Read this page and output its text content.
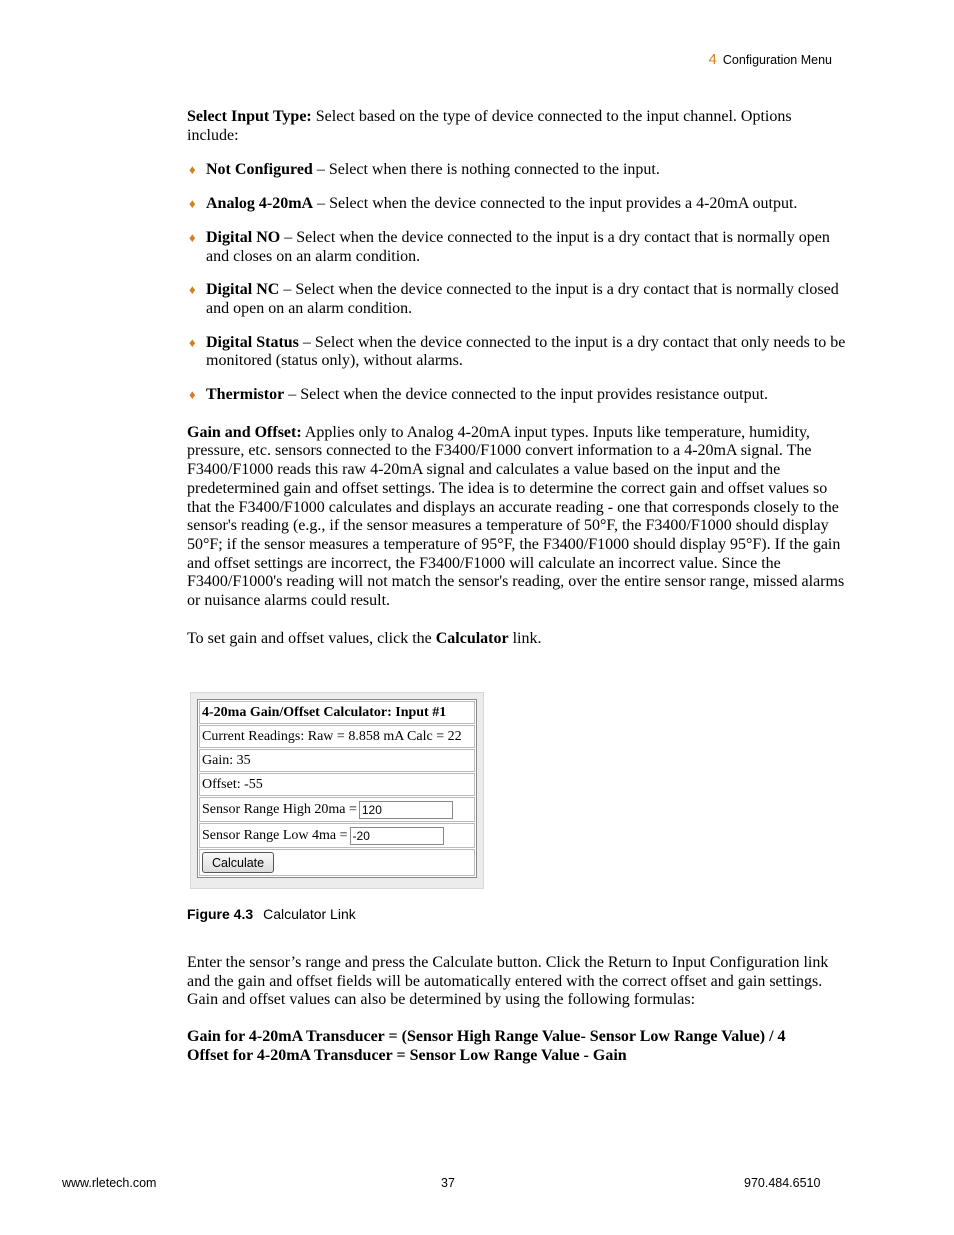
4 Configuration Menu

Select Input Type: Select based on the type of device connected to the input channel. Options include:

♦ Not Configured – Select when there is nothing connected to the input.
♦ Analog 4-20mA – Select when the device connected to the input provides a 4-20mA output.
♦ Digital NO – Select when the device connected to the input is a dry contact that is normally open and closes on an alarm condition.
♦ Digital NC – Select when the device connected to the input is a dry contact that is normally closed and open on an alarm condition.
♦ Digital Status – Select when the device connected to the input is a dry contact that only needs to be monitored (status only), without alarms.
♦ Thermistor – Select when the device connected to the input provides resistance output.

Gain and Offset: Applies only to Analog 4-20mA input types. Inputs like temperature, humidity, pressure, etc. sensors connected to the F3400/F1000 convert information to a 4-20mA signal. The F3400/F1000 reads this raw 4-20mA signal and calculates a value based on the input and the predetermined gain and offset settings. The idea is to determine the correct gain and offset values so that the F3400/F1000 calculates and displays an accurate reading - one that corresponds closely to the sensor's reading (e.g., if the sensor measures a temperature of 50°F, the F3400/F1000 should display 50°F; if the sensor measures a temperature of 95°F, the F3400/F1000 should display 95°F). If the gain and offset settings are incorrect, the F3400/F1000 will calculate an incorrect value. Since the F3400/F1000's reading will not match the sensor's reading, over the entire sensor range, missed alarms or nuisance alarms could result.

To set gain and offset values, click the Calculator link.

4-20ma Gain/Offset Calculator: Input #1
Current Readings: Raw = 8.858 mA Calc = 22
Gain: 35
Offset: -55
Sensor Range High 20ma =120
Sensor Range Low 4ma =-20
Calculate
Figure 4.3 Calculator Link

Enter the sensor’s range and press the Calculate button. Click the Return to Input Configuration link and the gain and offset fields will be automatically entered with the correct offset and gain settings. Gain and offset values can also be determined by using the following formulas:

Gain for 4-20mA Transducer = (Sensor High Range Value- Sensor Low Range Value) / 4
Offset for 4-20mA Transducer = Sensor Low Range Value - Gain
www.rletech.com	37	970.484.6510
